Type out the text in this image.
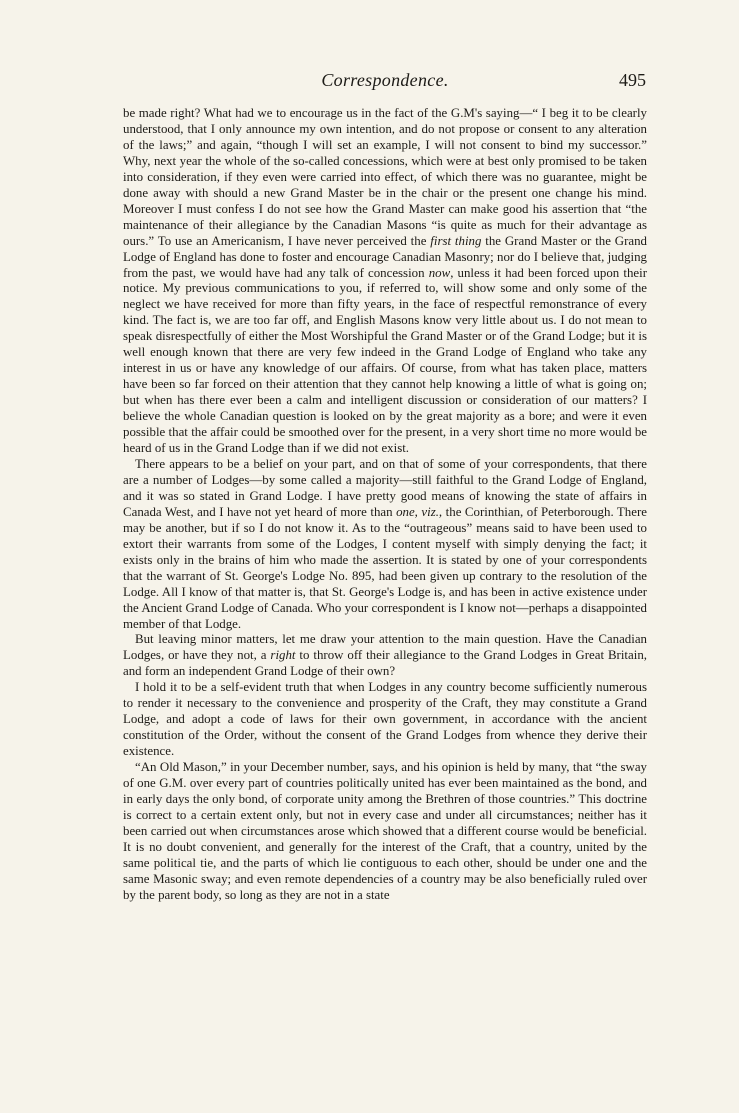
Correspondence.	495

be made right? What had we to encourage us in the fact of the G.M's saying—“ I beg it to be clearly understood, that I only announce my own intention, and do not propose or consent to any alteration of the laws;” and again, “though I will set an example, I will not consent to bind my successor.” Why, next year the whole of the so-called concessions, which were at best only promised to be taken into consideration, if they even were carried into effect, of which there was no guarantee, might be done away with should a new Grand Master be in the chair or the present one change his mind. Moreover I must confess I do not see how the Grand Master can make good his assertion that “the maintenance of their allegiance by the Canadian Masons “is quite as much for their advantage as ours.” To use an Americanism, I have never perceived the first thing the Grand Master or the Grand Lodge of England has done to foster and encourage Canadian Masonry; nor do I believe that, judging from the past, we would have had any talk of concession now, unless it had been forced upon their notice. My previous communications to you, if referred to, will show some and only some of the neglect we have received for more than fifty years, in the face of respectful remonstrance of every kind. The fact is, we are too far off, and English Masons know very little about us. I do not mean to speak disrespectfully of either the Most Worshipful the Grand Master or of the Grand Lodge; but it is well enough known that there are very few indeed in the Grand Lodge of England who take any interest in us or have any knowledge of our affairs. Of course, from what has taken place, matters have been so far forced on their attention that they cannot help knowing a little of what is going on; but when has there ever been a calm and intelligent discussion or consideration of our matters? I believe the whole Canadian question is looked on by the great majority as a bore; and were it even possible that the affair could be smoothed over for the present, in a very short time no more would be heard of us in the Grand Lodge than if we did not exist.

There appears to be a belief on your part, and on that of some of your correspondents, that there are a number of Lodges—by some called a majority—still faithful to the Grand Lodge of England, and it was so stated in Grand Lodge. I have pretty good means of knowing the state of affairs in Canada West, and I have not yet heard of more than one, viz., the Corinthian, of Peterborough. There may be another, but if so I do not know it. As to the “outrageous” means said to have been used to extort their warrants from some of the Lodges, I content myself with simply denying the fact; it exists only in the brains of him who made the assertion. It is stated by one of your correspondents that the warrant of St. George's Lodge No. 895, had been given up contrary to the resolution of the Lodge. All I know of that matter is, that St. George's Lodge is, and has been in active existence under the Ancient Grand Lodge of Canada. Who your correspondent is I know not—perhaps a disappointed member of that Lodge.

But leaving minor matters, let me draw your attention to the main question. Have the Canadian Lodges, or have they not, a right to throw off their allegiance to the Grand Lodges in Great Britain, and form an independent Grand Lodge of their own?

I hold it to be a self-evident truth that when Lodges in any country become sufficiently numerous to render it necessary to the convenience and prosperity of the Craft, they may constitute a Grand Lodge, and adopt a code of laws for their own government, in accordance with the ancient constitution of the Order, without the consent of the Grand Lodges from whence they derive their existence.

“An Old Mason,” in your December number, says, and his opinion is held by many, that “the sway of one G.M. over every part of countries politically united has ever been maintained as the bond, and in early days the only bond, of corporate unity among the Brethren of those countries.” This doctrine is correct to a certain extent only, but not in every case and under all circumstances; neither has it been carried out when circumstances arose which showed that a different course would be beneficial. It is no doubt convenient, and generally for the interest of the Craft, that a country, united by the same political tie, and the parts of which lie contiguous to each other, should be under one and the same Masonic sway; and even remote dependencies of a country may be also beneficially ruled over by the parent body, so long as they are not in a state
